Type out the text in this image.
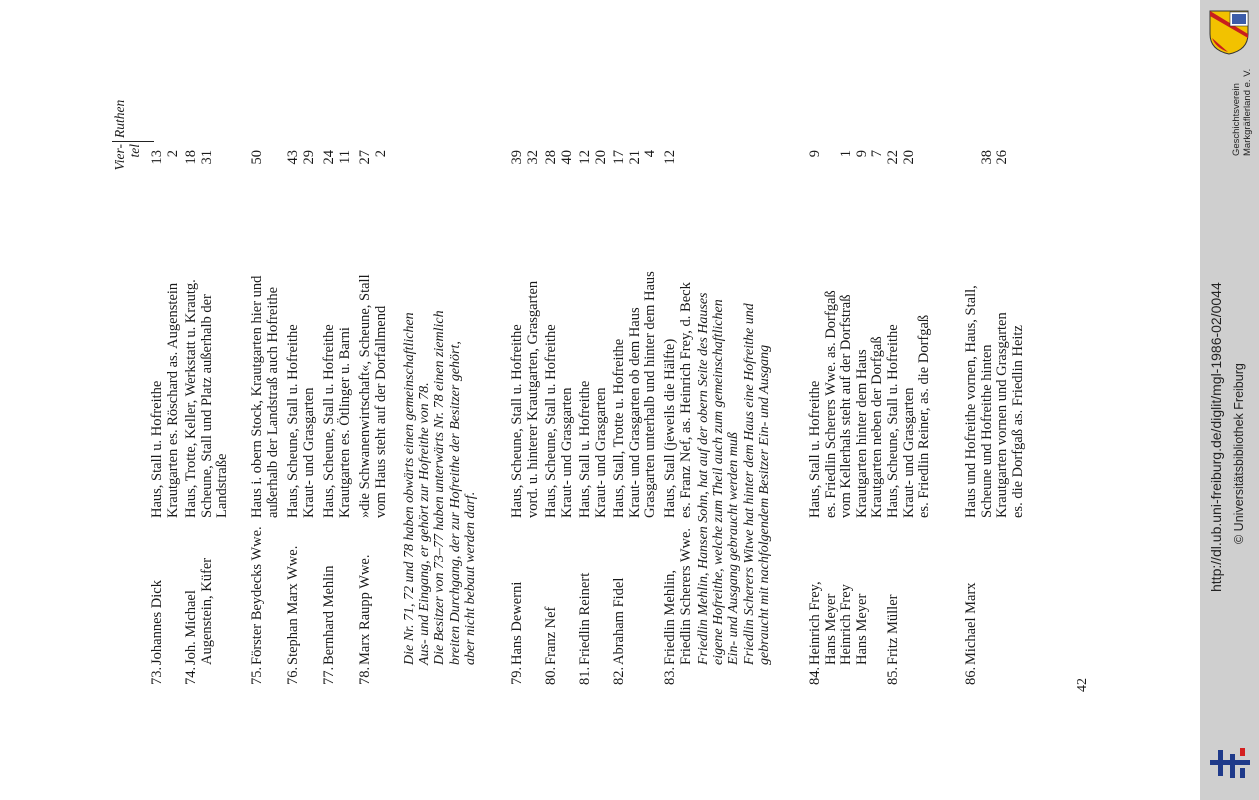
Vier-
tel
Ruthen
73.
Johannes Dick
Haus, Stall u. Hofreithe Krautgarten es. Röschard as. Augenstein
13 2
74.
Joh. Michael Augenstein, Küfer
Haus, Trotte, Keller, Werkstatt u. Krautg. Scheune, Stall und Platz außerhalb der Landstraße
18 31
75.
Förster Beydecks Wwe.
Haus i. obern Stock, Krautgarten hier und außerhalb der Landstraß auch Hofreithe
50
76.
Stephan Marx Wwe.
Haus, Scheune, Stall u. Hofreithe Kraut- und Grasgarten
43 29
77.
Bernhard Mehlin
Haus, Scheune, Stall u. Hofreithe Krautgarten es. Ötlinger u. Barni
24 11
78.
Marx Raupp Wwe.
»die Schwanenwirtschaft«, Scheune, Stall vom Haus steht auf der Dorfallmend
27 2
79.
Hans Dewerni
Haus, Scheune, Stall u. Hofreithe vord. u. hinterer Krautgarten, Grasgarten
39 32
80.
Franz Nef
Haus, Scheune, Stall u. Hofreithe Kraut- und Grasgarten
28 40
81.
Friedlin Reinert
Haus, Stall u. Hofreithe Kraut- und Grasgarten
12 20
82.
Abraham Fidel
Haus, Stall, Trotte u. Hofreithe Kraut- und Grasgarten ob dem Haus Grasgarten unterhalb und hinter dem Haus
17 21 4
83.
Friedlin Mehlin, Friedlin Scherers Wwe.
Haus, Stall (jeweils die Hälfte) es. Franz Nef, as. Heinrich Frey, d. Beck
12
84.
Heinrich Frey, Hans Meyer Heinrich Frey Hans Meyer
Haus, Stall u. Hofreithe es. Friedlin Scherers Wwe. as. Dorfgaß vom Kellerhals steht auf der Dorfstraß Krautgarten hinter dem Haus Krautgarten neben der Dorfgaß
9 1 9 7
85.
Fritz Müller
Haus, Scheune, Stall u. Hofreithe Kraut- und Grasgarten es. Friedlin Reiner, as. die Dorfgaß
22 20
86.
Michael Marx
Haus und Hofreithe vornen, Haus, Stall, Scheune und Hofreithe hinten Krautgarten vornen und Grasgarten es. die Dorfgaß as. Friedlin Heitz
38 26
Die Nr. 71, 72 und 78 haben obwärts einen gemeinschaftlichen Aus- und Eingang, er gehört zur Hofreithe von 78. Die Besitzer von 73–77 haben unterwärts Nr. 78 einen ziemlich breiten Durchgang, der zur Hofreithe der Besitzer gehört, aber nicht bebaut werden darf.	Friedlin Mehlin, Hansen Sohn, hat auf der obern Seite des Hauses eigene Hofreithe, welche zum Theil auch zum gemeinschaftlichen Ein- und Ausgang gebraucht werden muß Friedlin Scherers Witwe hat hinter dem Haus eine Hofreithe und gebraucht mit nachfolgendem Besitzer Ein- und Ausgang
42
http://dl.ub.uni-freiburg.de/diglit/mgl-1986-02/0044 © Universitätsbibliothek Freiburg
Geschichtsverein Markgräflerland e. V.
